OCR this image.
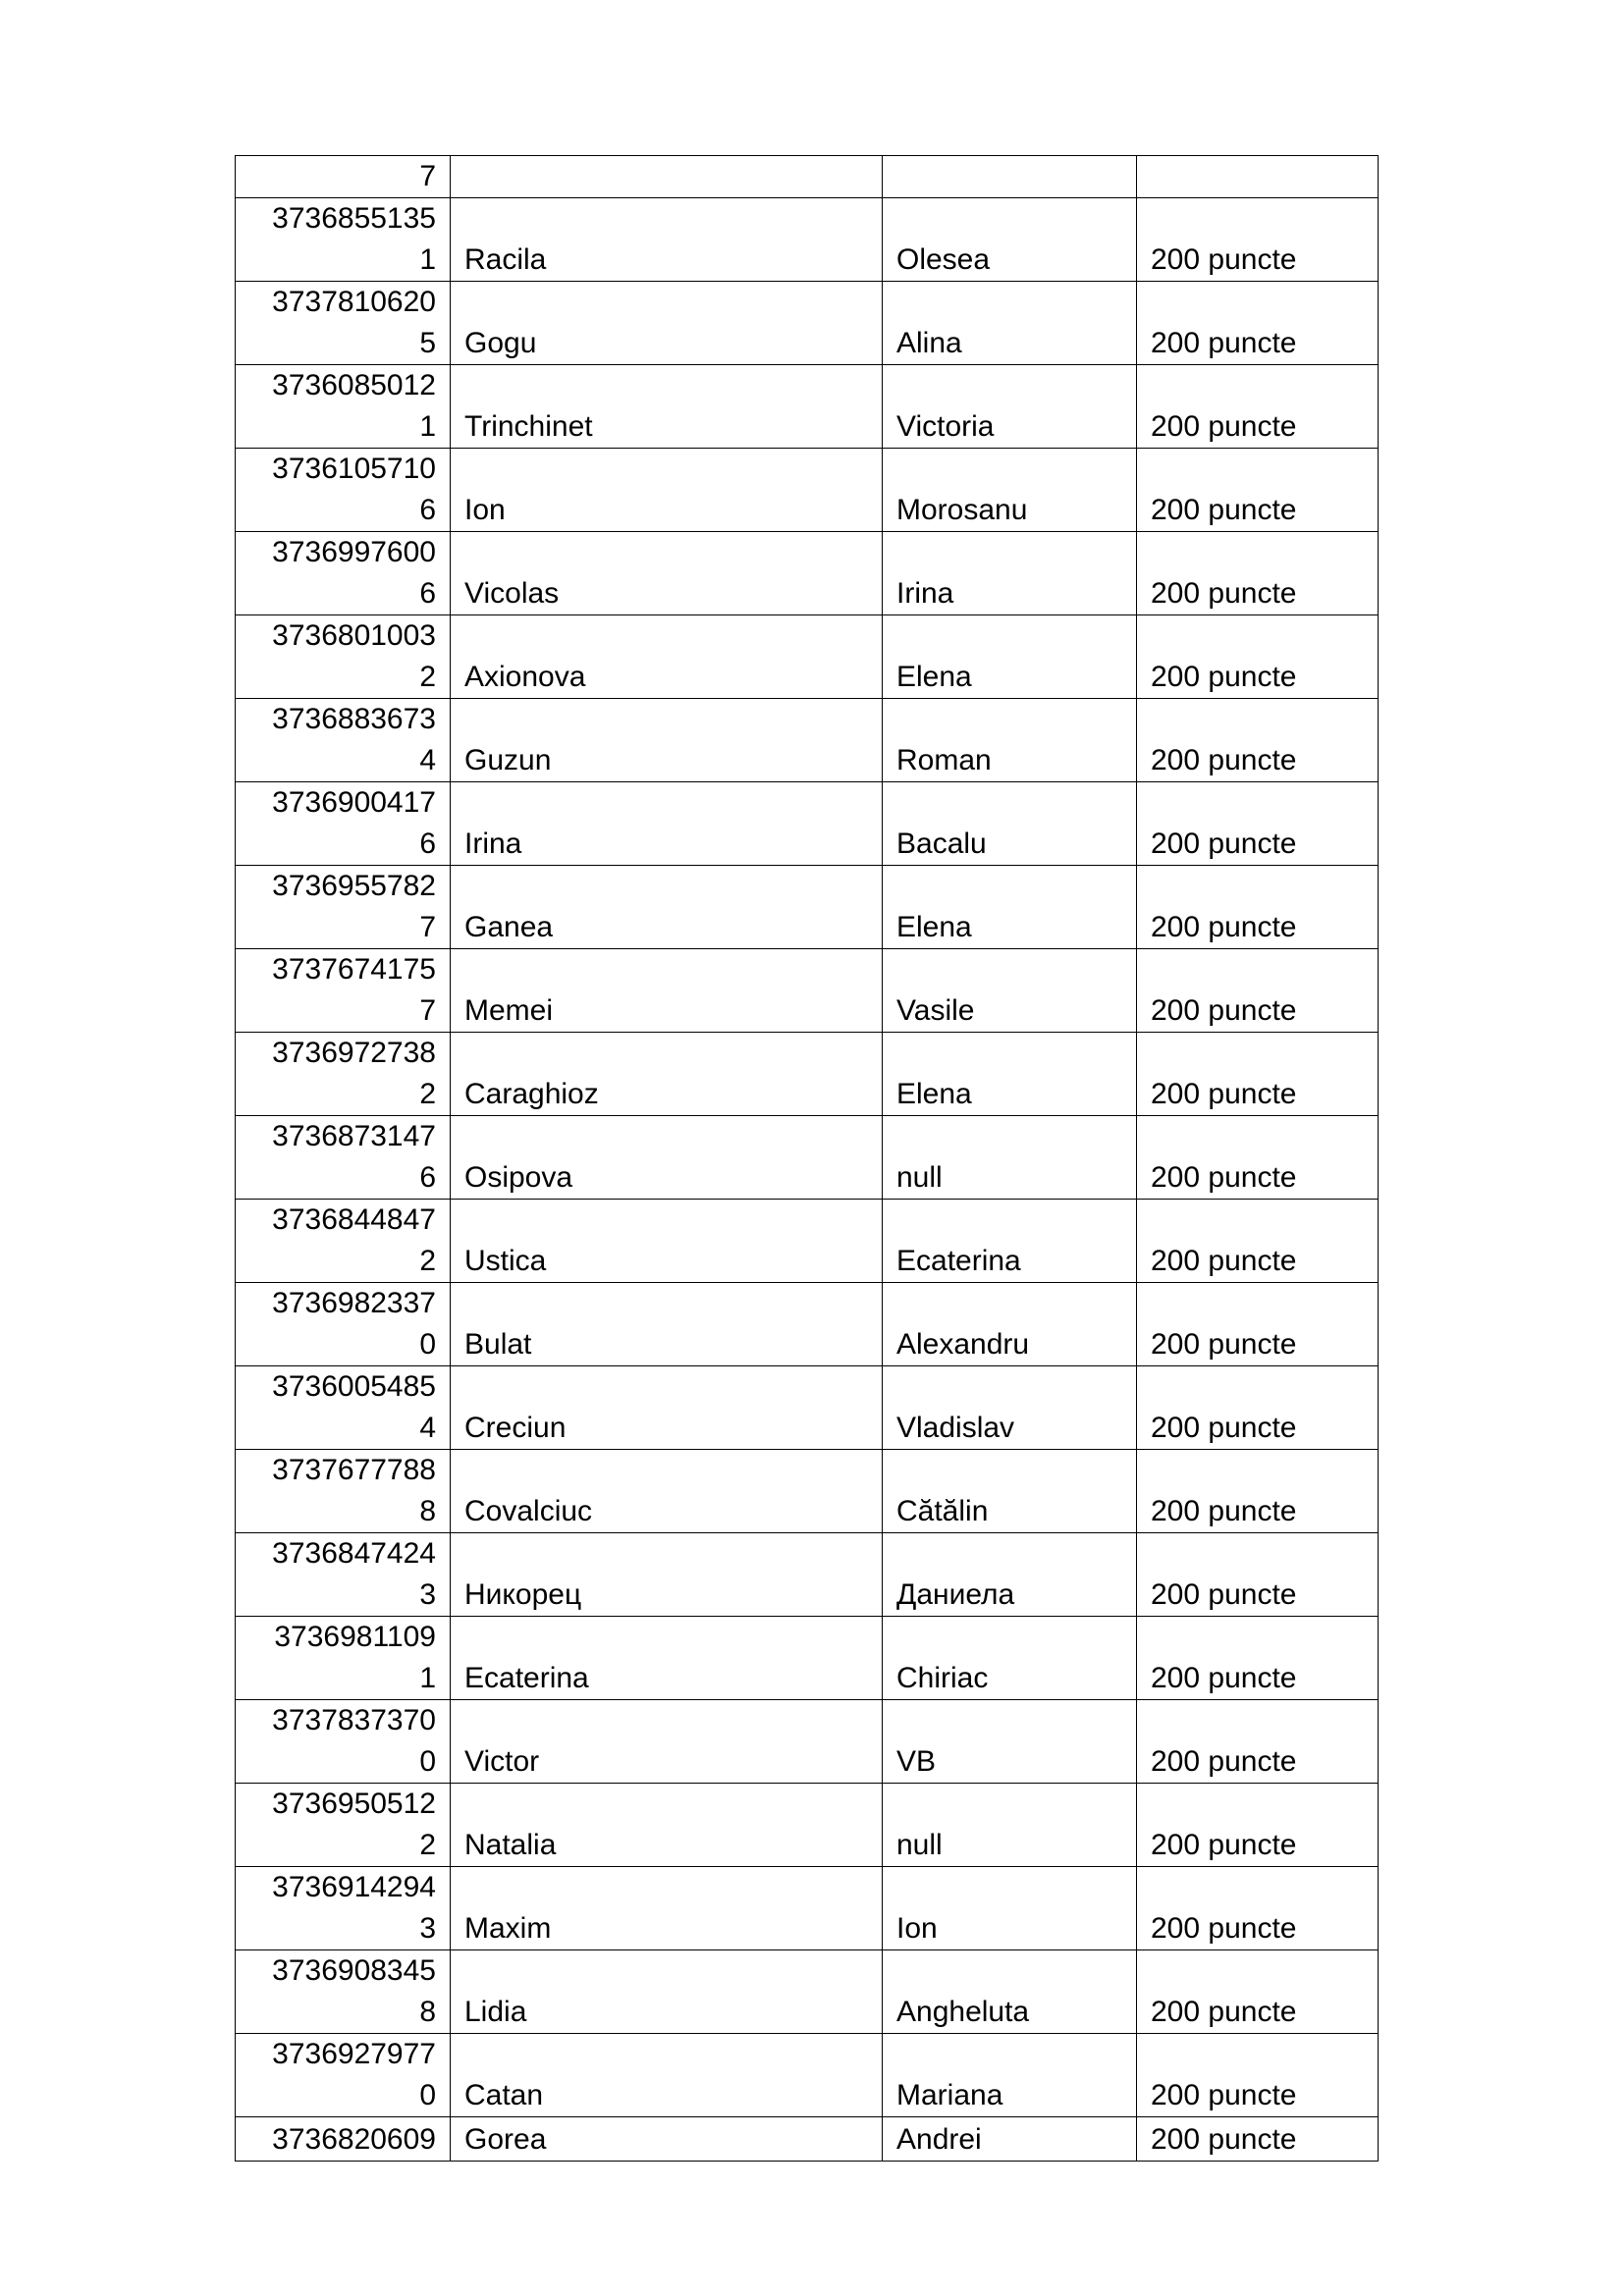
7			

3736855135
1	Racila	Olesea	200 puncte

3737810620
5	Gogu	Alina	200 puncte

3736085012
1	Trinchinet	Victoria	200 puncte

3736105710
6	Ion	Morosanu	200 puncte

3736997600
6	Vicolas	Irina	200 puncte

3736801003
2	Axionova	Elena	200 puncte

3736883673
4	Guzun	Roman	200 puncte

3736900417
6	Irina	Bacalu	200 puncte

3736955782
7	Ganea	Elena	200 puncte

3737674175
7	Memei	Vasile	200 puncte

3736972738
2	Caraghioz	Elena	200 puncte

3736873147
6	Osipova	null	200 puncte

3736844847
2	Ustica	Ecaterina	200 puncte

3736982337
0	Bulat	Alexandru	200 puncte

3736005485
4	Creciun	Vladislav	200 puncte

3737677788
8	Covalciuc	Cătălin	200 puncte

3736847424
3	Никорец	Даниела	200 puncte

3736981109
1	Ecaterina	Chiriac	200 puncte

3737837370
0	Victor	VB	200 puncte

3736950512
2	Natalia	null	200 puncte

3736914294
3	Maxim	Ion	200 puncte

3736908345
8	Lidia	Angheluta	200 puncte

3736927977
0	Catan	Mariana	200 puncte
3736820609	Gorea	Andrei	200 puncte
